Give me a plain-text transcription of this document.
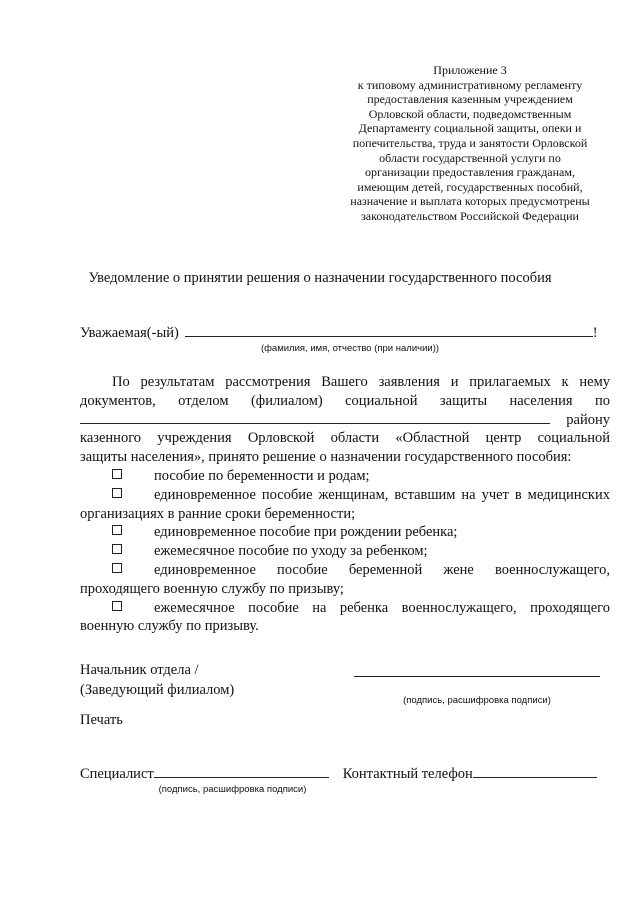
Приложение 3
к типовому административному регламенту
предоставления казенным учреждением
Орловской области, подведомственным
Департаменту социальной защиты, опеки и
попечительства, труда и занятости Орловской
области государственной услуги по
организации предоставления гражданам,
имеющим детей, государственных пособий,
назначение и выплата которых предусмотрены
законодательством Российской Федерации
Уведомление о принятии решения о назначении государственного пособия
Уважаемая(-ый)	!
(фамилия, имя, отчество (при наличии))

По результатам рассмотрения Вашего заявления и прилагаемых к нему

документов, отделом (филиалом) социальной защиты населения по

району

казенного учреждения Орловской области «Областной центр социальной

защиты населения», принято решение о назначении государственного пособия:

пособие по беременности и родам;
единовременное пособие женщинам, вставшим на учет в медицинских организациях в ранние сроки беременности;
единовременное пособие при рождении ребенка;
ежемесячное пособие по уходу за ребенком;
единовременное пособие беременной жене военнослужащего, проходящего военную службу по призыву;
ежемесячное пособие на ребенка военнослужащего, проходящего военную службу по призыву.
Начальник отдела /
(Заведующий филиалом)
(подпись, расшифровка подписи)
Печать
Специалист	Контактный телефон
(подпись, расшифровка подписи)
